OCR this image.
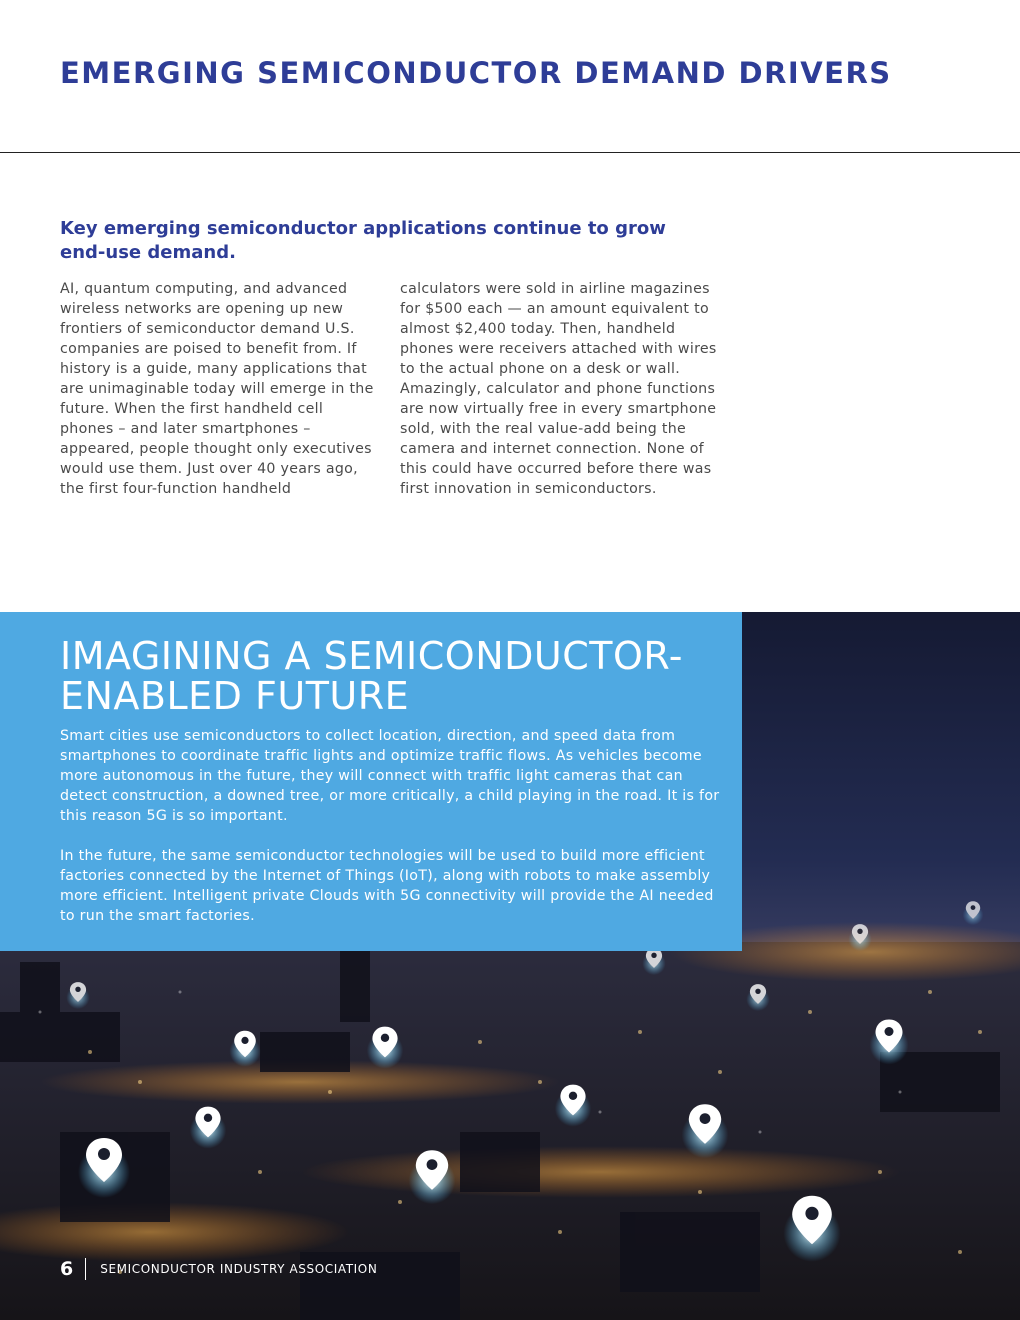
EMERGING SEMICONDUCTOR DEMAND DRIVERS
Key emerging semiconductor applications continue to grow end-use demand.

AI, quantum computing, and advanced wireless networks are opening up new frontiers of semiconductor demand U.S. companies are poised to benefit from. If history is a guide, many applications that are unimaginable today will emerge in the future. When the first handheld cell phones – and later smartphones – appeared, people thought only executives would use them. Just over 40 years ago, the first four-function handheld

calculators were sold in airline magazines for $500 each — an amount equivalent to almost $2,400 today. Then, handheld phones were receivers attached with wires to the actual phone on a desk or wall. Amazingly, calculator and phone functions are now virtually free in every smartphone sold, with the real value-add being the camera and internet connection. None of this could have occurred before there was first innovation in semiconductors.

IMAGINING A SEMICONDUCTOR-ENABLED FUTURE

Smart cities use semiconductors to collect location, direction, and speed data from smartphones to coordinate traffic lights and optimize traffic flows. As vehicles become more autonomous in the future, they will connect with traffic light cameras that can detect construction, a downed tree, or more critically, a child playing in the road. It is for this reason 5G is so important.

In the future, the same semiconductor technologies will be used to build more efficient factories connected by the Internet of Things (IoT), along with robots to make assembly more efficient. Intelligent private Clouds with 5G connectivity will provide the AI needed to run the smart factories.

6 SEMICONDUCTOR INDUSTRY ASSOCIATION
